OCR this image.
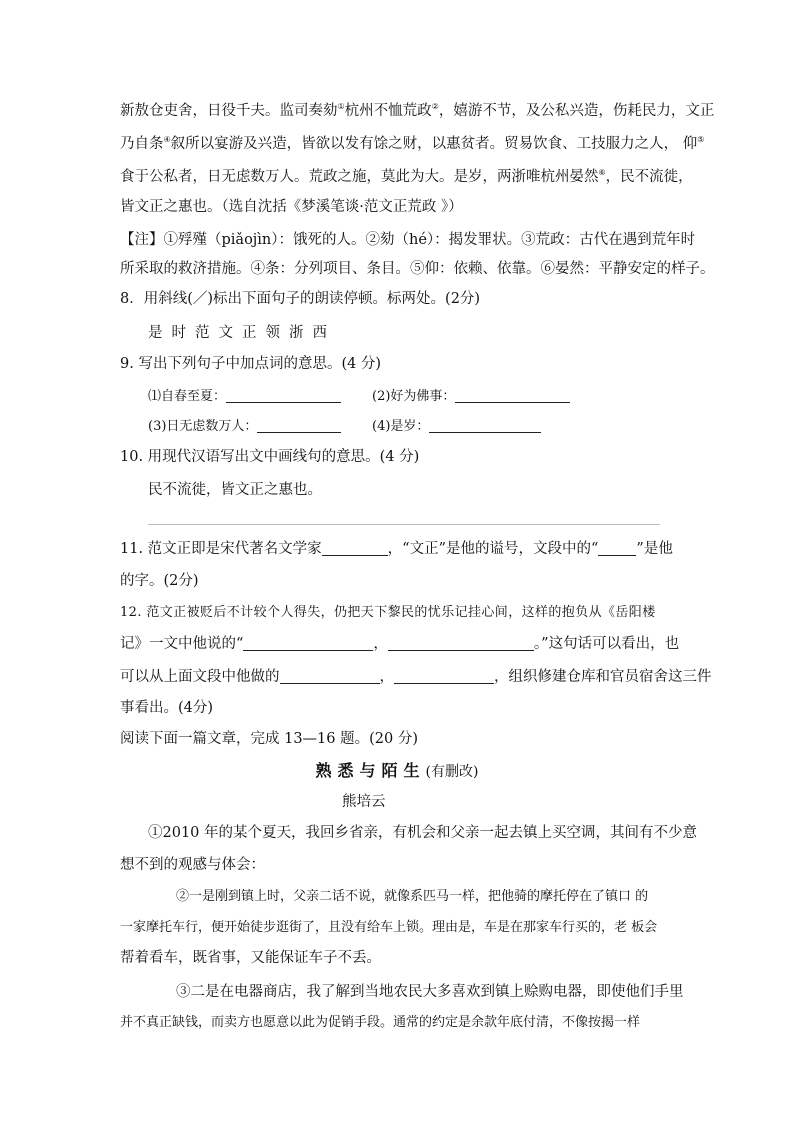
新敖仓吏舍，日役千夫。监司奏劾①杭州不恤荒政②，嬉游不节，及公私兴造，伤耗民力，文正
乃自条④叙所以宴游及兴造，皆欲以发有馀之财，以惠贫者。贸易饮食、工技服力之人， 仰⑤
食于公私者，日无虑数万人。荒政之施，莫此为大。是岁，两浙唯杭州晏然⑥，民不流徙，
皆文正之惠也。（选自沈括《梦溪笔谈·范文正荒政 》）
【注】①殍殣（piǎojìn）：饿死的人。②劾（hé）：揭发罪状。③荒政：古代在遇到荒年时
所采取的救济措施。④条：分列项目、条目。⑤仰：依赖、依靠。⑥晏然：平静安定的样子。
8．用斜线(／)标出下面句子的朗读停顿。标两处。(2分)
是时范文正领浙西
9. 写出下列句子中加点词的意思。(4 分)
⑴自春至夏：	(2)好为佛事：
(3)日无虑数万人：	(4)是岁：
10. 用现代汉语写出文中画线句的意思。(4 分)
民不流徙，皆文正之惠也。
11. 范文正即是宋代著名文学家	，“文正”是他的谥号，文段中的“	”是他
的字。(2分)
12. 范文正被贬后不计较个人得失，仍把天下黎民的忧乐记挂心间，这样的抱负从《岳阳楼
记》一文中他说的“	，	。”这句话可以看出，也
可以从上面文段中他做的	，	，组织修建仓库和官员宿舍这三件
事看出。(4分)
阅读下面一篇文章，完成 13—16 题。(20 分)
熟悉与陌生(有删改)
熊培云
①2010 年的某个夏天，我回乡省亲，有机会和父亲一起去镇上买空调，其间有不少意
想不到的观感与体会：
②一是刚到镇上时，父亲二话不说，就像系匹马一样，把他骑的摩托停在了镇口 的
一家摩托车行，便开始徒步逛街了，且没有给车上锁。理由是，车是在那家车行买的，老 板会
帮着看车，既省事，又能保证车子不丢。
③二是在电器商店，我了解到当地农民大多喜欢到镇上赊购电器，即使他们手里
并不真正缺钱，而卖方也愿意以此为促销手段。通常的约定是余款年底付清，不像按揭一样
